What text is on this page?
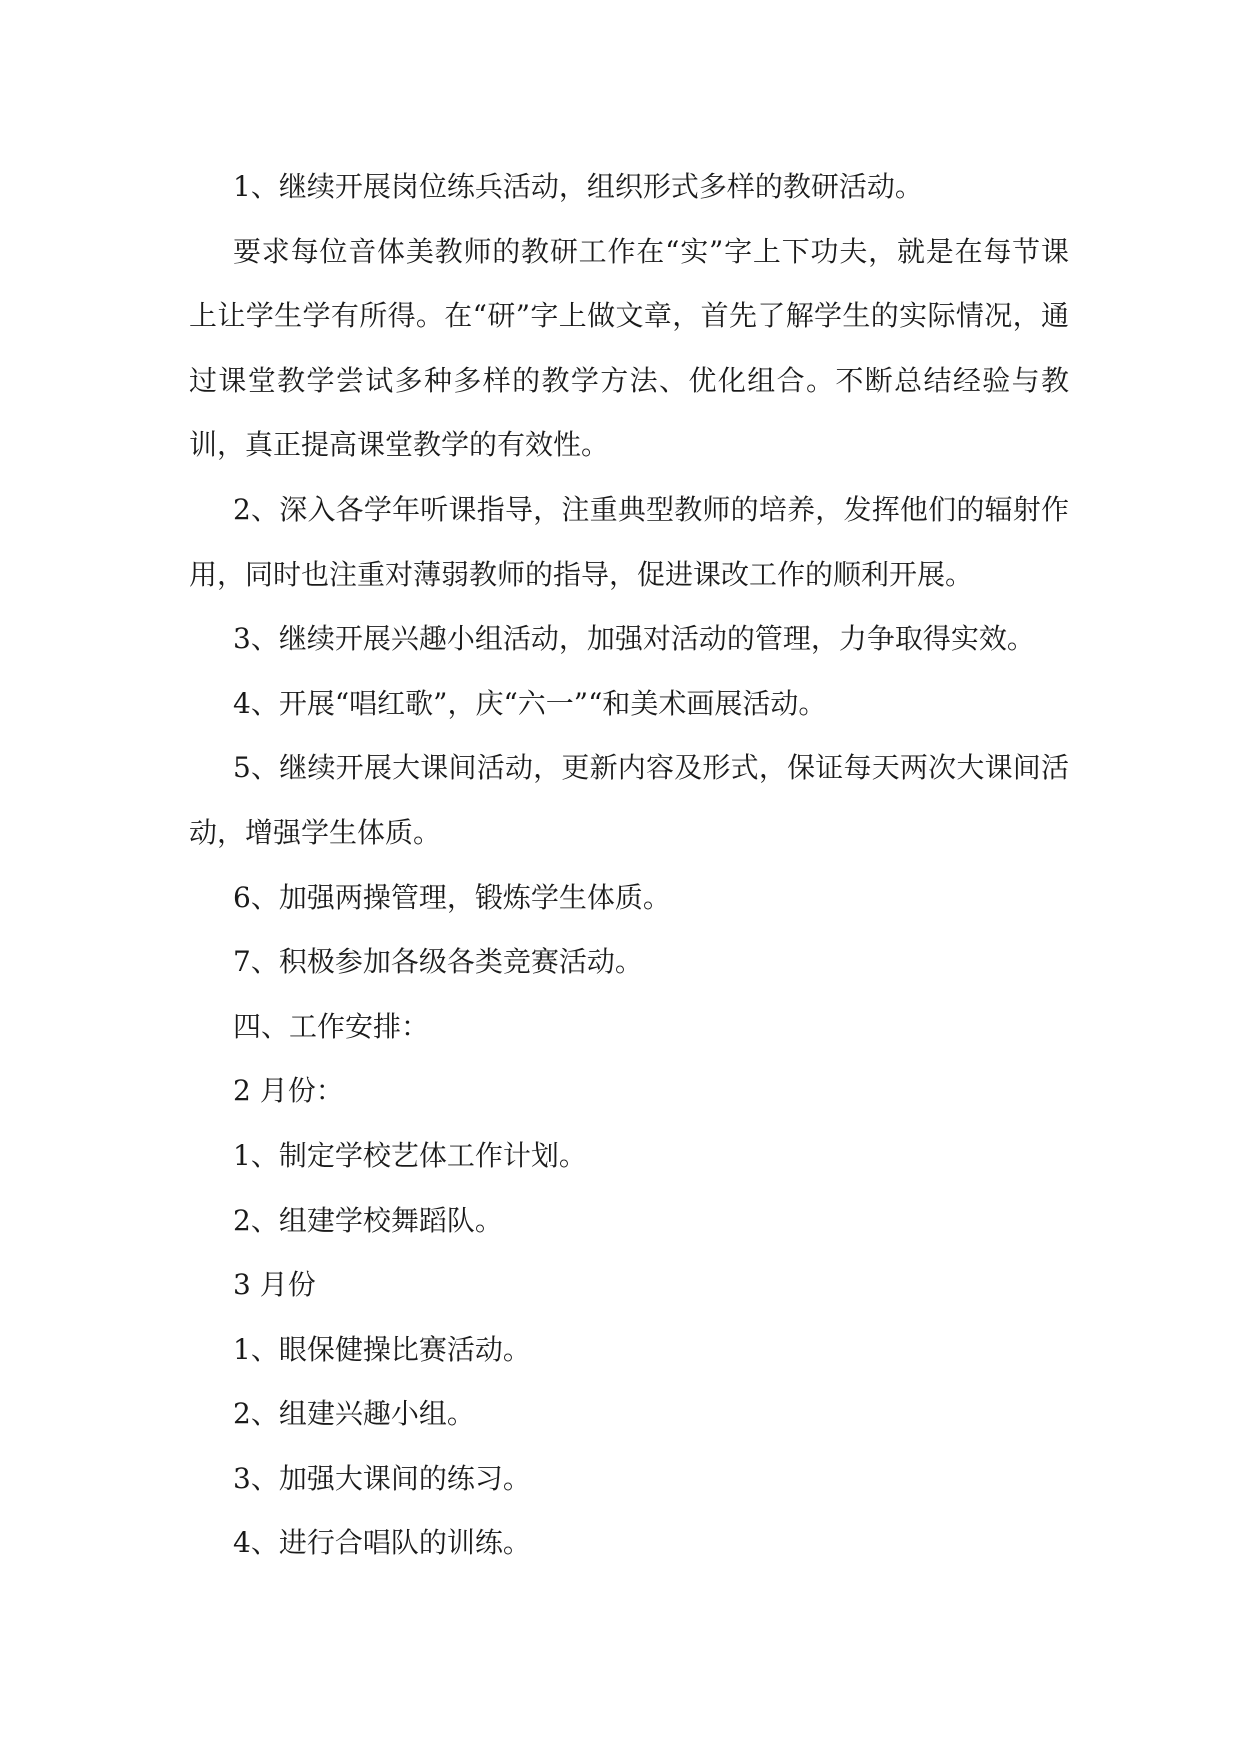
1、继续开展岗位练兵活动，组织形式多样的教研活动。

要求每位音体美教师的教研工作在“实”字上下功夫，就是在每节课上让学生学有所得。在“研”字上做文章，首先了解学生的实际情况，通过课堂教学尝试多种多样的教学方法、优化组合。不断总结经验与教训，真正提高课堂教学的有效性。

2、深入各学年听课指导，注重典型教师的培养，发挥他们的辐射作用，同时也注重对薄弱教师的指导，促进课改工作的顺利开展。

3、继续开展兴趣小组活动，加强对活动的管理，力争取得实效。

4、开展“唱红歌”，庆“六一”“和美术画展活动。

5、继续开展大课间活动，更新内容及形式，保证每天两次大课间活动，增强学生体质。

6、加强两操管理，锻炼学生体质。

7、积极参加各级各类竞赛活动。

四、工作安排：

2 月份：

1、制定学校艺体工作计划。

2、组建学校舞蹈队。

3 月份

1、眼保健操比赛活动。

2、组建兴趣小组。

3、加强大课间的练习。

4、进行合唱队的训练。
